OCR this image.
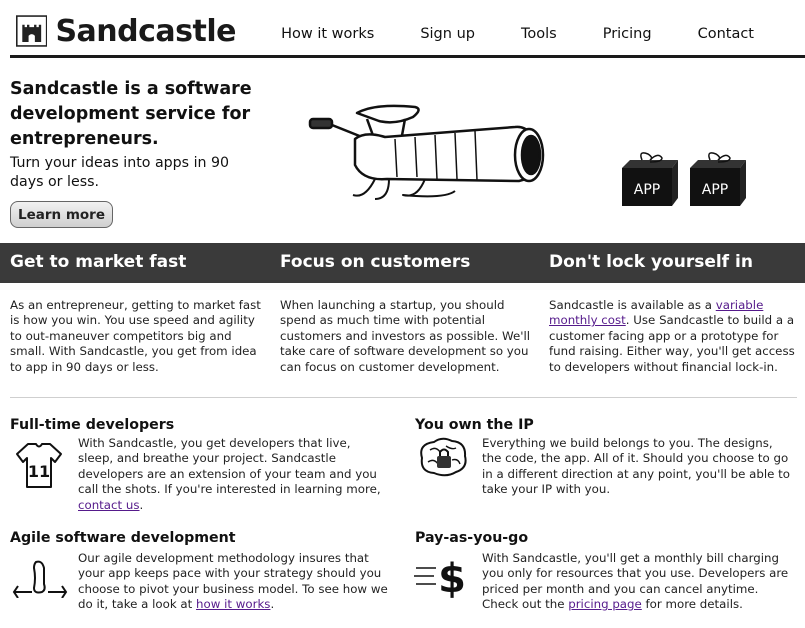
Sandcastle	How it works	Sign up	Tools	Pricing	Contact
Sandcastle is a software development service for entrepreneurs.
Turn your ideas into apps in 90 days or less.
Learn more
APP	APP
Get to market fast	Focus on customers	Don't lock yourself in
As an entrepreneur, getting to market fast is how you win. You use speed and agility to out-maneuver competitors big and small. With Sandcastle, you get from idea to app in 90 days or less.
When launching a startup, you should spend as much time with potential customers and investors as possible. We'll take care of software development so you can focus on customer development.
Sandcastle is available as a variable monthly cost. Use Sandcastle to build a a customer facing app or a prototype for fund raising. Either way, you'll get access to developers without financial lock-in.
Full-time developers
11
With Sandcastle, you get developers that live, sleep, and breathe your project. Sandcastle developers are an extension of your team and you call the shots. If you're interested in learning more, contact us.
You own the IP
Everything we build belongs to you. The designs, the code, the app. All of it. Should you choose to go in a different direction at any point, you'll be able to take your IP with you.
Agile software development
Our agile development methodology insures that your app keeps pace with your strategy should you choose to pivot your business model. To see how we do it, take a look at how it works.
Pay-as-you-go
$ With Sandcastle, you'll get a monthly bill charging you only for resources that you use. Developers are priced per month and you can cancel anytime. Check out the pricing page for more details.
